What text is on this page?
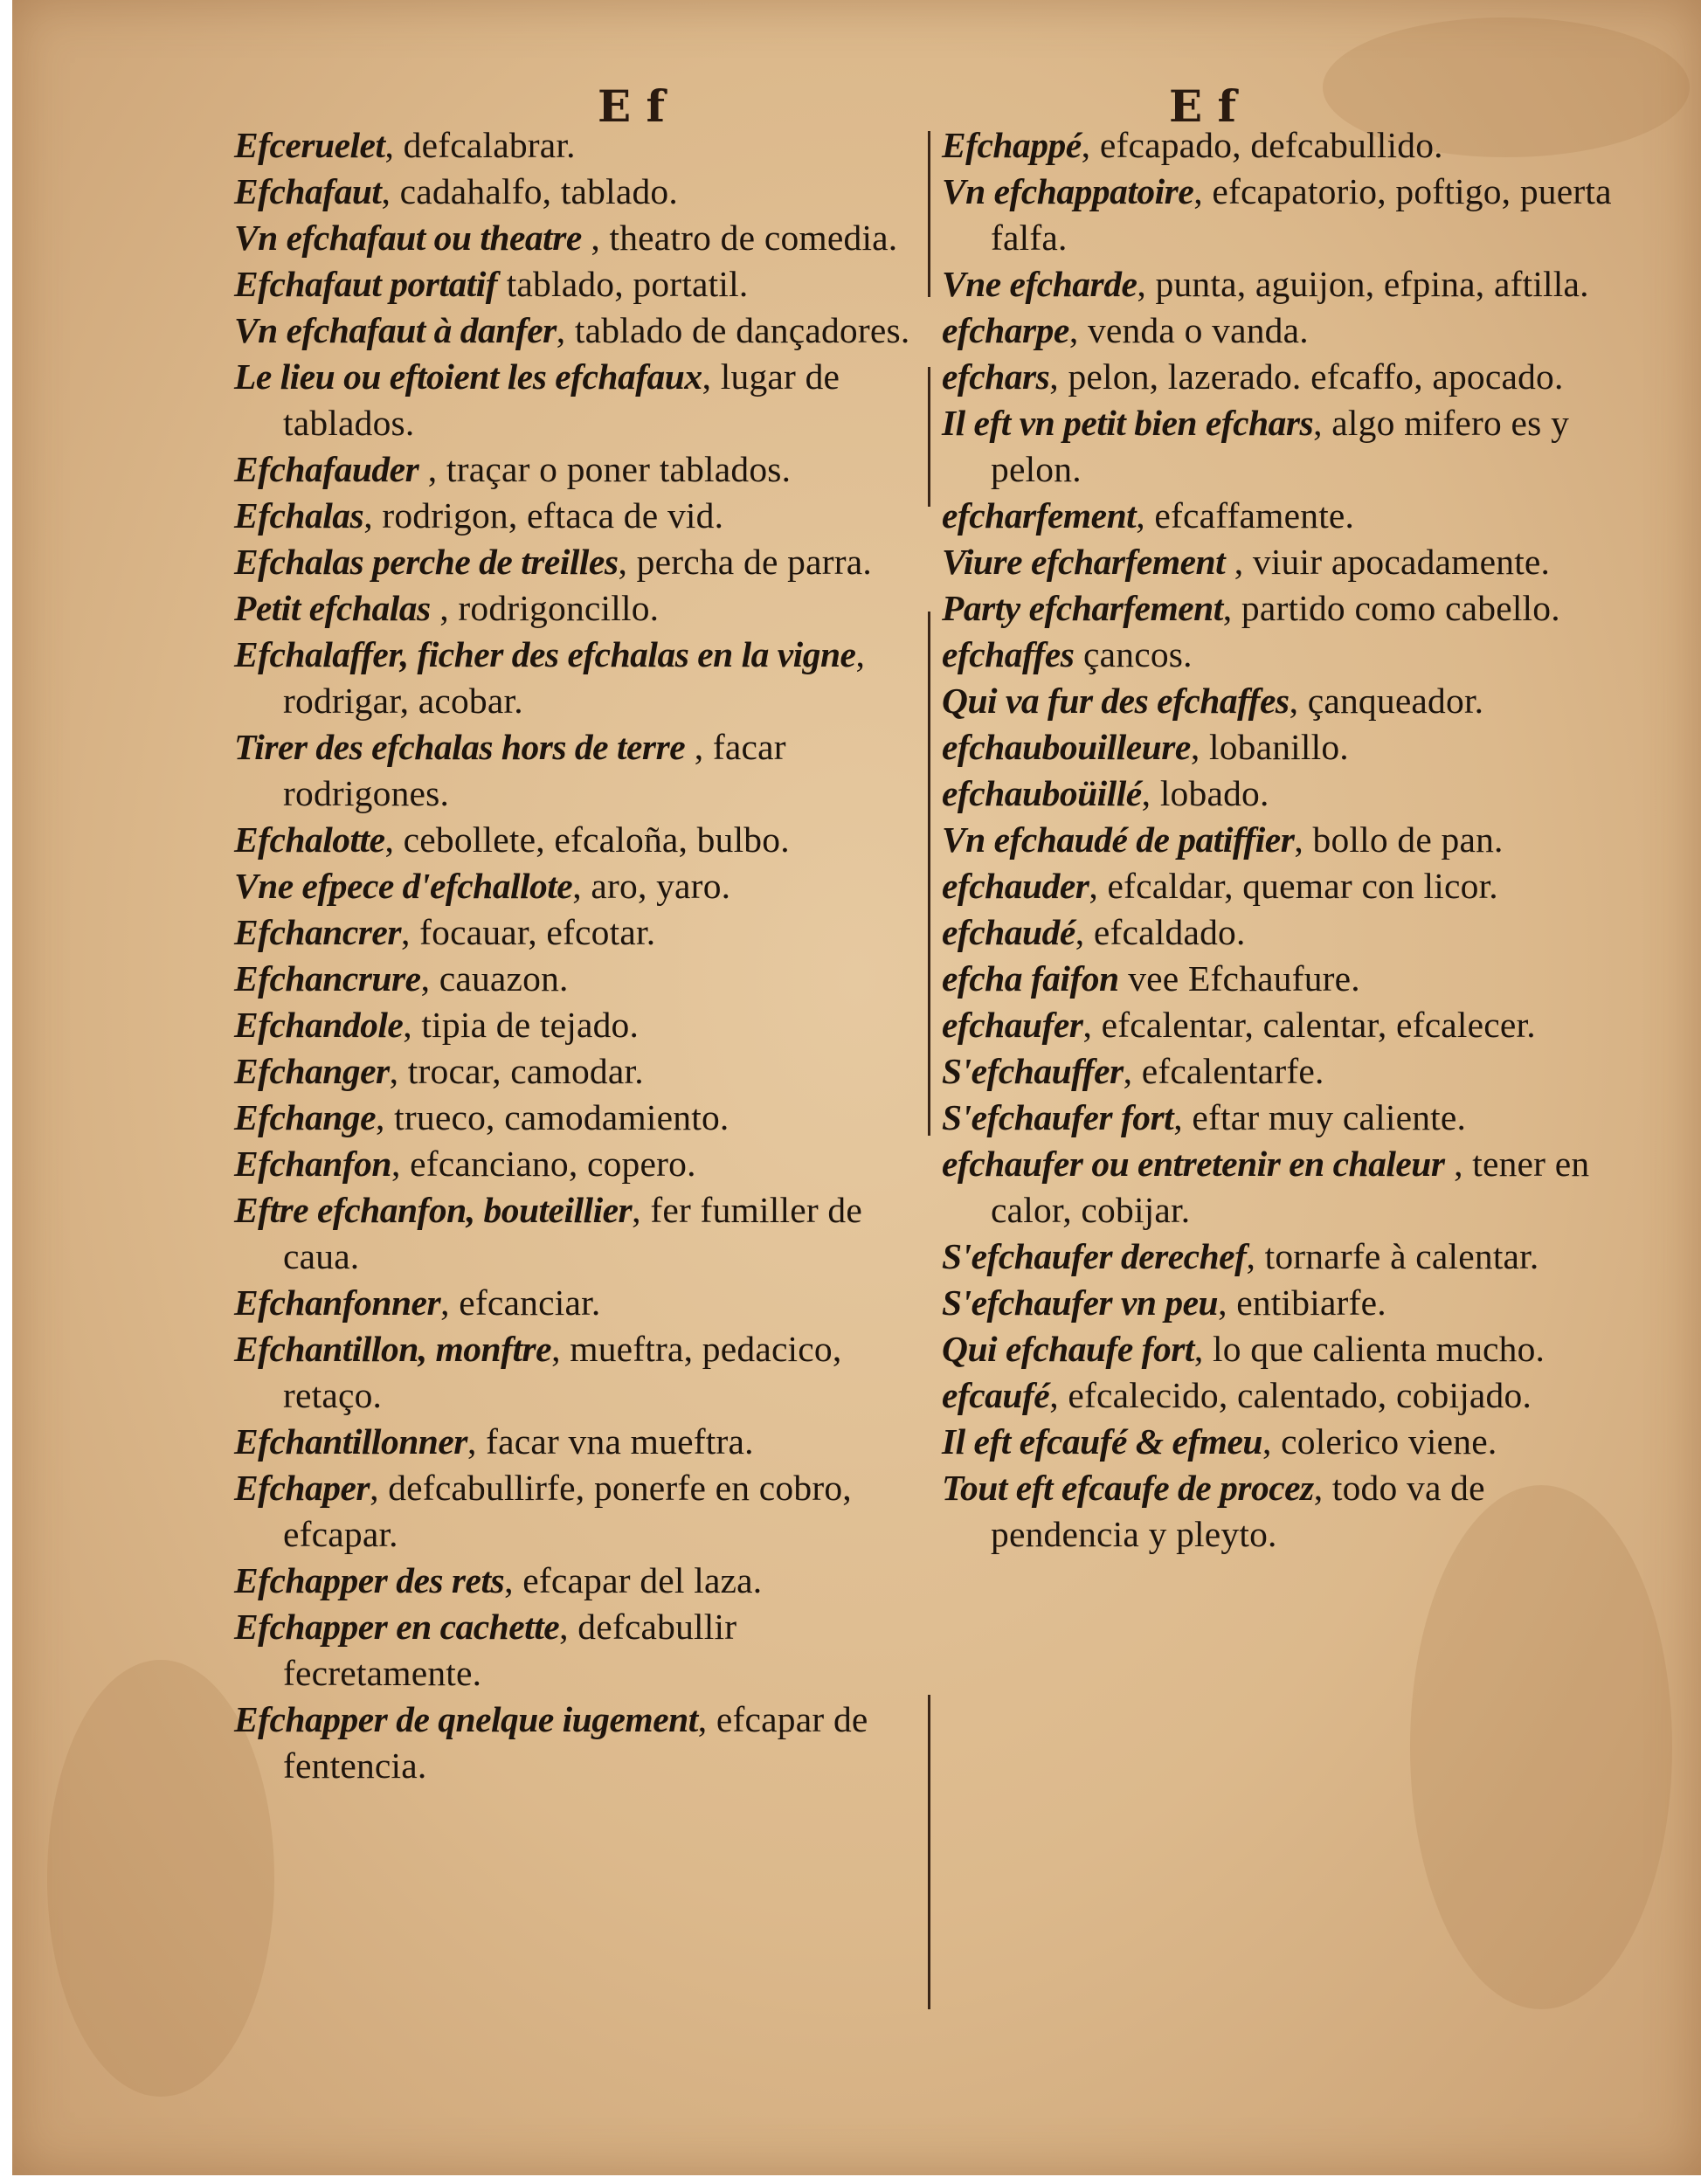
E f	E f

Efceruelet, defcalabrar.

Efchafaut, cadahalfo, tablado.

Vn efchafaut ou theatre , theatro de comedia.

Efchafaut portatif tablado, portatil.

Vn efchafaut à danfer, tablado de dançadores.

Le lieu ou eftoient les efchafaux, lugar de tablados.

Efchafauder , traçar o poner tablados.

Efchalas, rodrigon, eftaca de vid.

Efchalas perche de treilles, percha de parra.

Petit efchalas , rodrigoncillo.

Efchalaffer, ficher des efchalas en la vigne, rodrigar, acobar.

Tirer des efchalas hors de terre , facar rodrigones.

Efchalotte, cebollete, efcaloña, bulbo.

Vne efpece d'efchallote, aro, yaro.

Efchancrer, focauar, efcotar.

Efchancrure, cauazon.

Efchandole, tipia de tejado.

Efchanger, trocar, camodar.

Efchange, trueco, camodamiento.

Efchanfon, efcanciano, copero.

Eftre efchanfon, bouteillier, fer fumiller de caua.

Efchanfonner, efcanciar.

Efchantillon, monftre, mueftra, pedacico, retaço.

Efchantillonner, facar vna mueftra.

Efchaper, defcabullirfe, ponerfe en cobro, efcapar.

Efchapper des rets, efcapar del laza.

Efchapper en cachette, defcabullir fecretamente.

Efchapper de qnelque iugement, efcapar de fentencia.

Efchappé, efcapado, defcabullido.

Vn efchappatoire, efcapatorio, poftigo, puerta falfa.

Vne efcharde, punta, aguijon, efpina, aftilla.

efcharpe, venda o vanda.

efchars, pelon, lazerado. efcaffo, apocado.

Il eft vn petit bien efchars, algo mifero es y pelon.

efcharfement, efcaffamente.

Viure efcharfement , viuir apocadamente.

Party efcharfement, partido como cabello.

efchaffes çancos.

Qui va fur des efchaffes, çanqueador.

efchaubouilleure, lobanillo.

efchauboüillé, lobado.

Vn efchaudé de patiffier, bollo de pan.

efchauder, efcaldar, quemar con licor.

efchaudé, efcaldado.

efcha faifon vee Efchaufure.

efchaufer, efcalentar, calentar, efcalecer.

S'efchauffer, efcalentarfe.

S'efchaufer fort, eftar muy caliente.

efchaufer ou entretenir en chaleur , tener en calor, cobijar.

S'efchaufer derechef, tornarfe à calentar.

S'efchaufer vn peu, entibiarfe.

Qui efchaufe fort, lo que calienta mucho.

efcaufé, efcalecido, calentado, cobijado.

Il eft efcaufé & efmeu, colerico viene.

Tout eft efcaufe de procez, todo va de pendencia y pleyto.
